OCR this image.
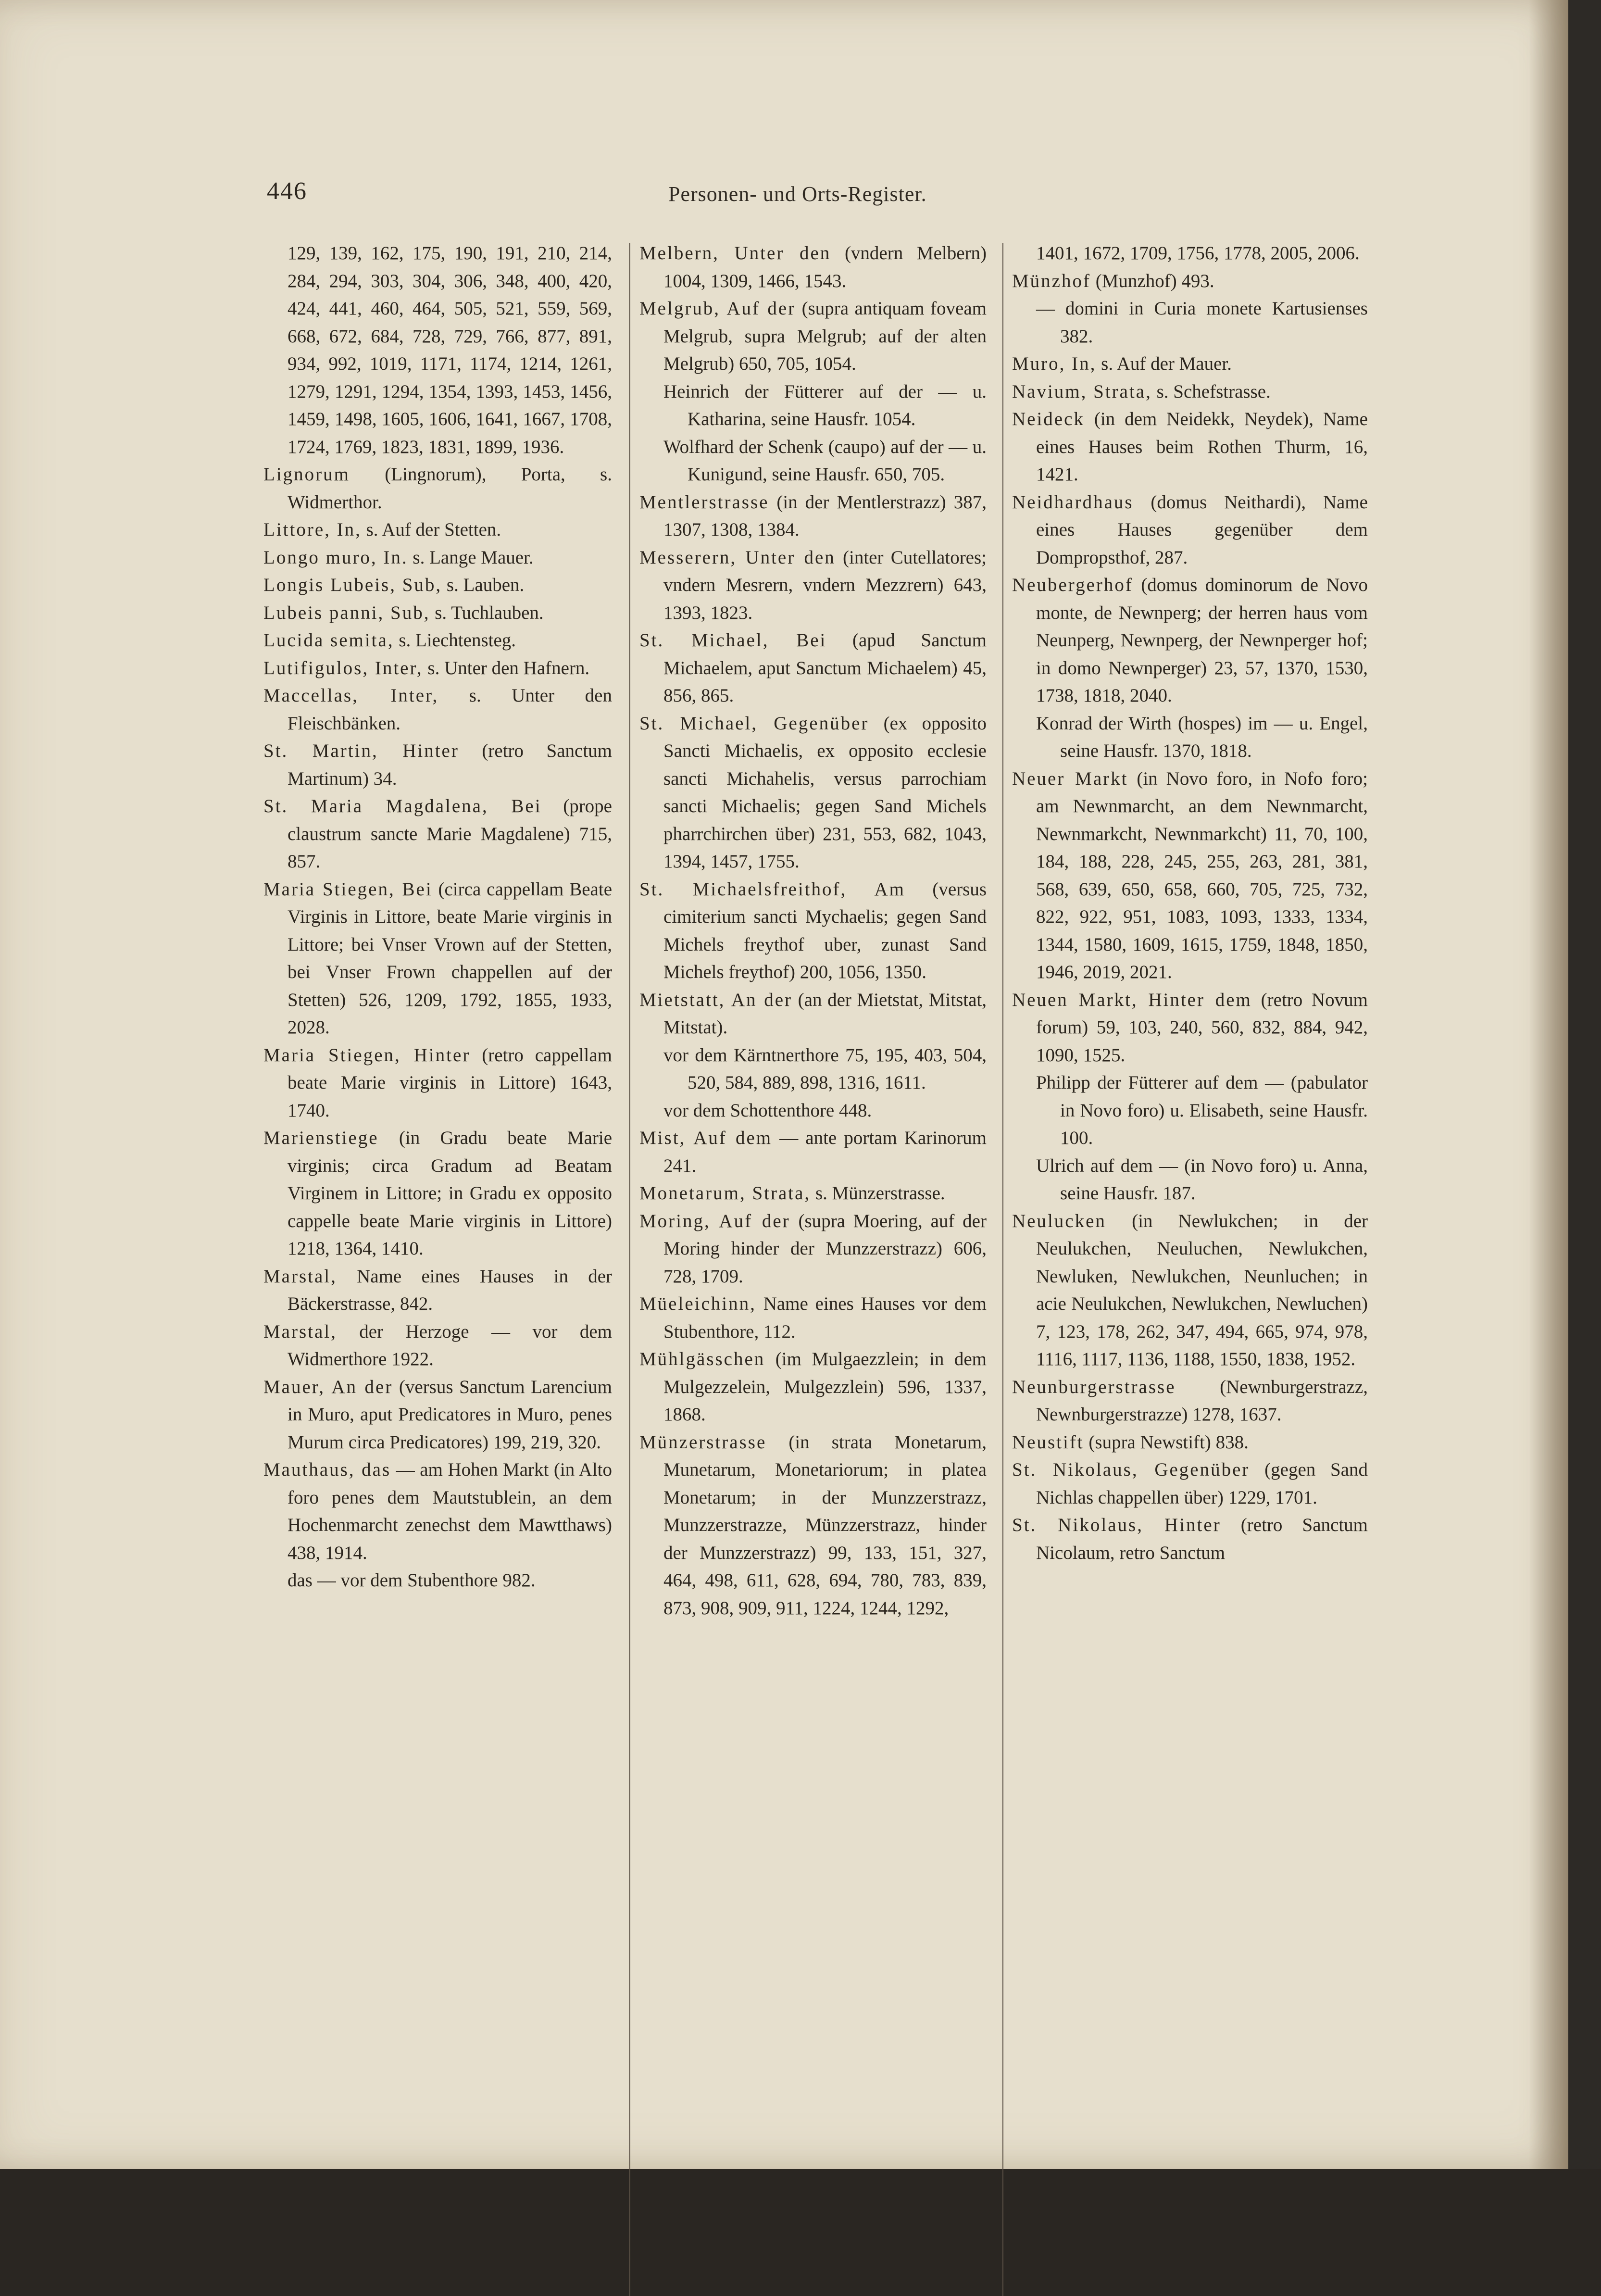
446	Personen- und Orts-Register.

129, 139, 162, 175, 190, 191, 210, 214, 284, 294, 303, 304, 306, 348, 400, 420, 424, 441, 460, 464, 505, 521, 559, 569, 668, 672, 684, 728, 729, 766, 877, 891, 934, 992, 1019, 1171, 1174, 1214, 1261, 1279, 1291, 1294, 1354, 1393, 1453, 1456, 1459, 1498, 1605, 1606, 1641, 1667, 1708, 1724, 1769, 1823, 1831, 1899, 1936.

Lignorum (Lingnorum), Porta, s. Widmerthor.

Littore, In, s. Auf der Stetten.

Longo muro, In. s. Lange Mauer.

Longis Lubeis, Sub, s. Lauben.

Lubeis panni, Sub, s. Tuchlauben.

Lucida semita, s. Liechtensteg.

Lutifigulos, Inter, s. Unter den Hafnern.

Maccellas, Inter, s. Unter den Fleischbänken.

St. Martin, Hinter (retro Sanctum Martinum) 34.

St. Maria Magdalena, Bei (prope claustrum sancte Marie Magdalene) 715, 857.

Maria Stiegen, Bei (circa cappellam Beate Virginis in Littore, beate Marie virginis in Littore; bei Vnser Vrown auf der Stetten, bei Vnser Frown chappellen auf der Stetten) 526, 1209, 1792, 1855, 1933, 2028.

Maria Stiegen, Hinter (retro cappellam beate Marie virginis in Littore) 1643, 1740.

Marienstiege (in Gradu beate Marie virginis; circa Gradum ad Beatam Virginem in Littore; in Gradu ex opposito cappelle beate Marie virginis in Littore) 1218, 1364, 1410.

Marstal, Name eines Hauses in der Bäckerstrasse, 842.

Marstal, der Herzoge — vor dem Widmerthore 1922.

Mauer, An der (versus Sanctum Larencium in Muro, aput Predicatores in Muro, penes Murum circa Predicatores) 199, 219, 320.

Mauthaus, das — am Hohen Markt (in Alto foro penes dem Mautstublein, an dem Hochenmarcht zenechst dem Mawtthaws) 438, 1914.

das — vor dem Stubenthore 982.

Melbern, Unter den (vndern Melbern) 1004, 1309, 1466, 1543.

Melgrub, Auf der (supra antiquam foveam Melgrub, supra Melgrub; auf der alten Melgrub) 650, 705, 1054.

Heinrich der Fütterer auf der — u. Katharina, seine Hausfr. 1054.

Wolfhard der Schenk (caupo) auf der — u. Kunigund, seine Hausfr. 650, 705.

Mentlerstrasse (in der Mentlerstrazz) 387, 1307, 1308, 1384.

Messerern, Unter den (inter Cutellatores; vndern Mesrern, vndern Mezzrern) 643, 1393, 1823.

St. Michael, Bei (apud Sanctum Michaelem, aput Sanctum Michaelem) 45, 856, 865.

St. Michael, Gegenüber (ex opposito Sancti Michaelis, ex opposito ecclesie sancti Michahelis, versus parrochiam sancti Michaelis; gegen Sand Michels pharrchirchen über) 231, 553, 682, 1043, 1394, 1457, 1755.

St. Michaelsfreithof, Am (versus cimiterium sancti Mychaelis; gegen Sand Michels freythof uber, zunast Sand Michels freythof) 200, 1056, 1350.

Mietstatt, An der (an der Mietstat, Mitstat, Mitstat).

vor dem Kärntnerthore 75, 195, 403, 504, 520, 584, 889, 898, 1316, 1611.

vor dem Schottenthore 448.

Mist, Auf dem — ante portam Karinorum 241.

Monetarum, Strata, s. Münzerstrasse.

Moring, Auf der (supra Moering, auf der Moring hinder der Munzzerstrazz) 606, 728, 1709.

Müeleichinn, Name eines Hauses vor dem Stubenthore, 112.

Mühlgässchen (im Mulgaezzlein; in dem Mulgezzelein, Mulgezzlein) 596, 1337, 1868.

Münzerstrasse (in strata Monetarum, Munetarum, Monetariorum; in platea Monetarum; in der Munzzerstrazz, Munzzerstrazze, Münzzerstrazz, hinder der Munzzerstrazz) 99, 133, 151, 327, 464, 498, 611, 628, 694, 780, 783, 839, 873, 908, 909, 911, 1224, 1244, 1292,

1401, 1672, 1709, 1756, 1778, 2005, 2006.

Münzhof (Munzhof) 493.

— domini in Curia monete Kartusienses 382.

Muro, In, s. Auf der Mauer.

Navium, Strata, s. Schefstrasse.

Neideck (in dem Neidekk, Neydek), Name eines Hauses beim Rothen Thurm, 16, 1421.

Neidhardhaus (domus Neithardi), Name eines Hauses gegenüber dem Dompropsthof, 287.

Neubergerhof (domus dominorum de Novo monte, de Newnperg; der herren haus vom Neunperg, Newnperg, der Newnperger hof; in domo Newnperger) 23, 57, 1370, 1530, 1738, 1818, 2040.

Konrad der Wirth (hospes) im — u. Engel, seine Hausfr. 1370, 1818.

Neuer Markt (in Novo foro, in Nofo foro; am Newnmarcht, an dem Newnmarcht, Newnmarkcht, Newnmarkcht) 11, 70, 100, 184, 188, 228, 245, 255, 263, 281, 381, 568, 639, 650, 658, 660, 705, 725, 732, 822, 922, 951, 1083, 1093, 1333, 1334, 1344, 1580, 1609, 1615, 1759, 1848, 1850, 1946, 2019, 2021.

Neuen Markt, Hinter dem (retro Novum forum) 59, 103, 240, 560, 832, 884, 942, 1090, 1525.

Philipp der Fütterer auf dem — (pabulator in Novo foro) u. Elisabeth, seine Hausfr. 100.

Ulrich auf dem — (in Novo foro) u. Anna, seine Hausfr. 187.

Neulucken (in Newlukchen; in der Neulukchen, Neuluchen, Newlukchen, Newluken, Newlukchen, Neunluchen; in acie Neulukchen, Newlukchen, Newluchen) 7, 123, 178, 262, 347, 494, 665, 974, 978, 1116, 1117, 1136, 1188, 1550, 1838, 1952.

Neunburgerstrasse (Newnburgerstrazz, Newnburgerstrazze) 1278, 1637.

Neustift (supra Newstift) 838.

St. Nikolaus, Gegenüber (gegen Sand Nichlas chappellen über) 1229, 1701.

St. Nikolaus, Hinter (retro Sanctum Nicolaum, retro Sanctum
